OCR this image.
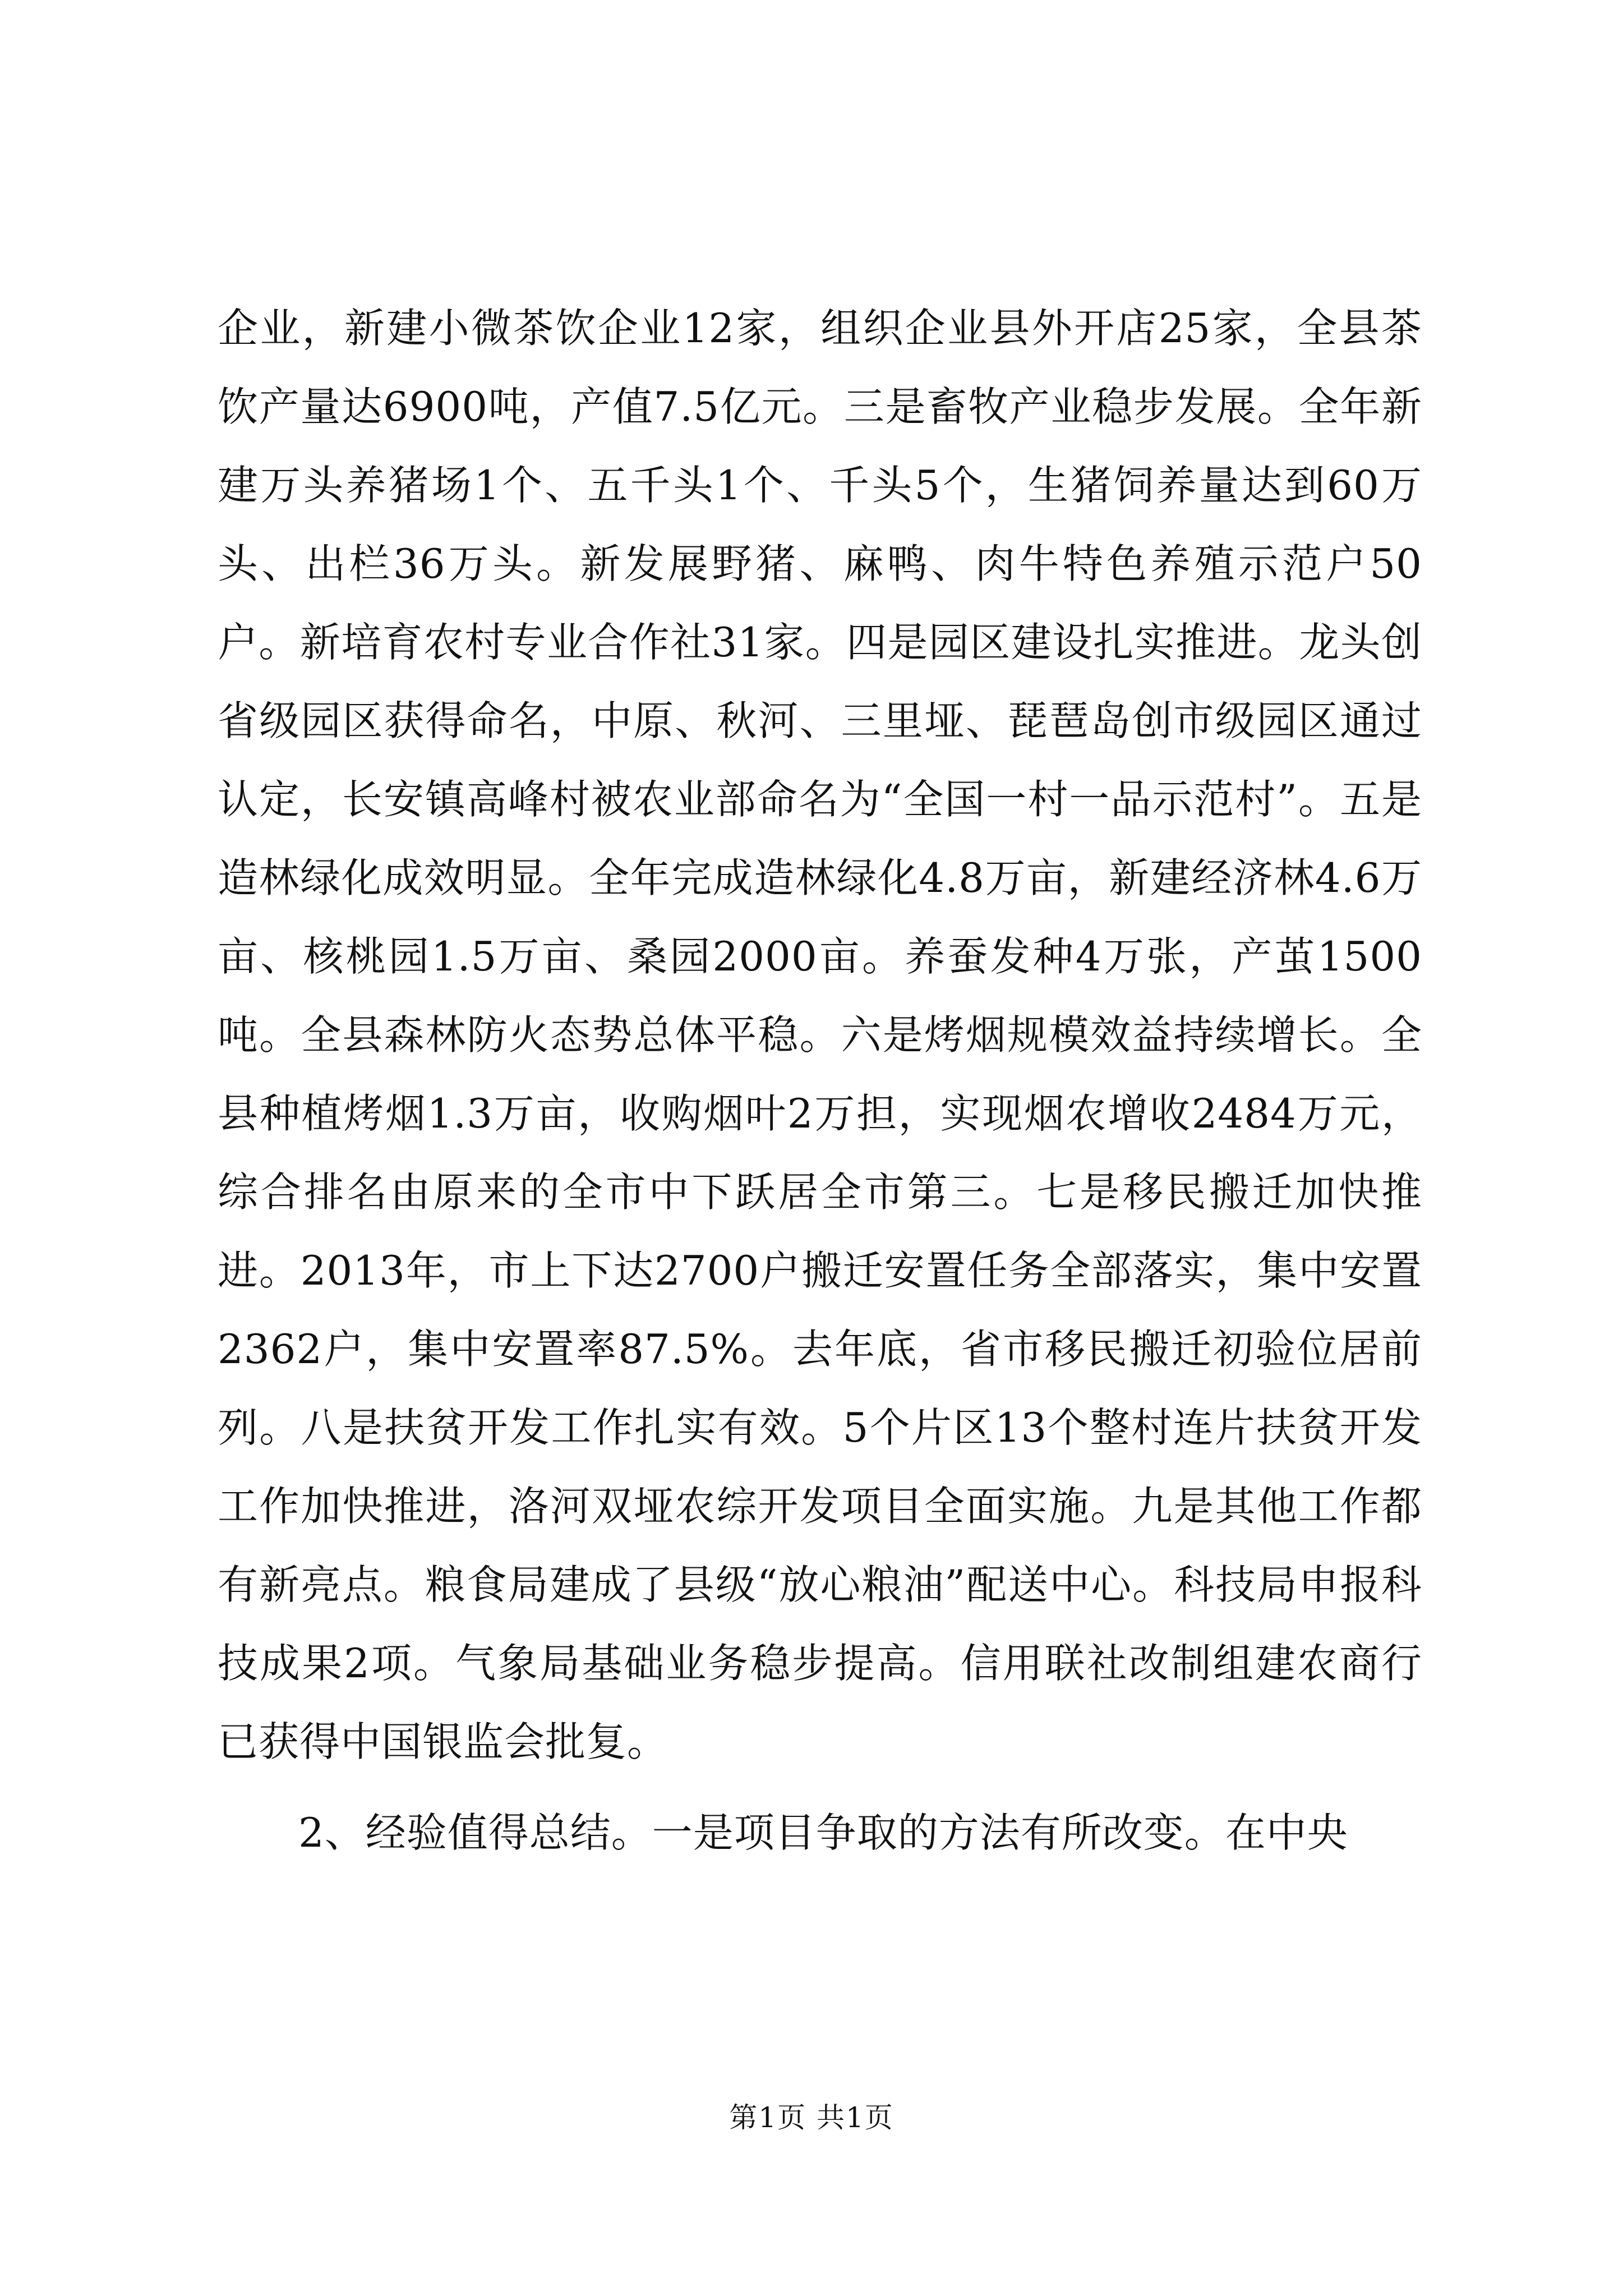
企业，新建小微茶饮企业12家，组织企业县外开店25家，全县茶饮产量达6900吨，产值7.5亿元。三是畜牧产业稳步发展。全年新建万头养猪场1个、五千头1个、千头5个，生猪饲养量达到60万头、出栏36万头。新发展野猪、麻鸭、肉牛特色养殖示范户50户。新培育农村专业合作社31家。四是园区建设扎实推进。龙头创省级园区获得命名，中原、秋河、三里垭、琵琶岛创市级园区通过认定，长安镇高峰村被农业部命名为“全国一村一品示范村”。五是造林绿化成效明显。全年完成造林绿化4.8万亩，新建经济林4.6万亩、核桃园1.5万亩、桑园2000亩。养蚕发种4万张，产茧1500吨。全县森林防火态势总体平稳。六是烤烟规模效益持续增长。全县种植烤烟1.3万亩，收购烟叶2万担，实现烟农增收2484万元，综合排名由原来的全市中下跃居全市第三。七是移民搬迁加快推进。2013年，市上下达2700户搬迁安置任务全部落实，集中安置2362户，集中安置率87.5%。去年底，省市移民搬迁初验位居前列。八是扶贫开发工作扎实有效。5个片区13个整村连片扶贫开发工作加快推进，洛河双垭农综开发项目全面实施。九是其他工作都有新亮点。粮食局建成了县级“放心粮油”配送中心。科技局申报科技成果2项。气象局基础业务稳步提高。信用联社改制组建农商行已获得中国银监会批复。

2、经验值得总结。一是项目争取的方法有所改变。在中央

第1页 共1页
